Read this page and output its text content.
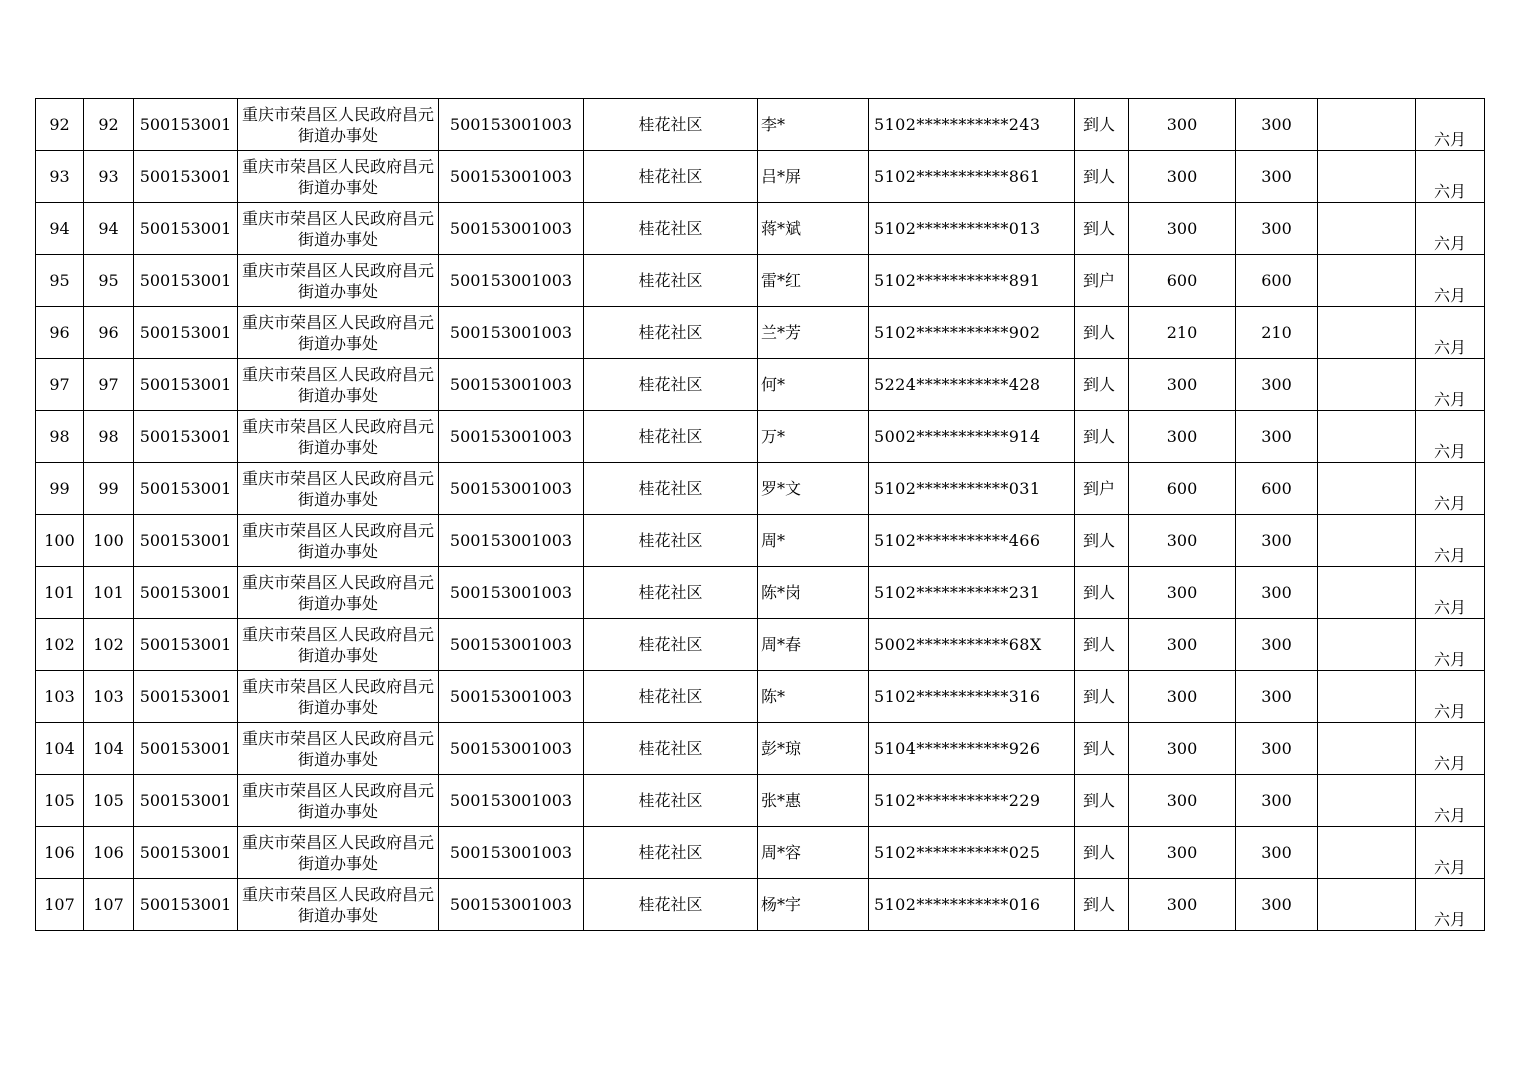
92	92	500153001	重庆市荣昌区人民政府昌元街道办事处	500153001003	桂花社区	李*	5102***********243	到人	300	300		六月
93	93	500153001	重庆市荣昌区人民政府昌元街道办事处	500153001003	桂花社区	吕*屏	5102***********861	到人	300	300		六月
94	94	500153001	重庆市荣昌区人民政府昌元街道办事处	500153001003	桂花社区	蒋*斌	5102***********013	到人	300	300		六月
95	95	500153001	重庆市荣昌区人民政府昌元街道办事处	500153001003	桂花社区	雷*红	5102***********891	到户	600	600		六月
96	96	500153001	重庆市荣昌区人民政府昌元街道办事处	500153001003	桂花社区	兰*芳	5102***********902	到人	210	210		六月
97	97	500153001	重庆市荣昌区人民政府昌元街道办事处	500153001003	桂花社区	何*	5224***********428	到人	300	300		六月
98	98	500153001	重庆市荣昌区人民政府昌元街道办事处	500153001003	桂花社区	万*	5002***********914	到人	300	300		六月
99	99	500153001	重庆市荣昌区人民政府昌元街道办事处	500153001003	桂花社区	罗*文	5102***********031	到户	600	600		六月
100	100	500153001	重庆市荣昌区人民政府昌元街道办事处	500153001003	桂花社区	周*	5102***********466	到人	300	300		六月
101	101	500153001	重庆市荣昌区人民政府昌元街道办事处	500153001003	桂花社区	陈*岗	5102***********231	到人	300	300		六月
102	102	500153001	重庆市荣昌区人民政府昌元街道办事处	500153001003	桂花社区	周*春	5002***********68X	到人	300	300		六月
103	103	500153001	重庆市荣昌区人民政府昌元街道办事处	500153001003	桂花社区	陈*	5102***********316	到人	300	300		六月
104	104	500153001	重庆市荣昌区人民政府昌元街道办事处	500153001003	桂花社区	彭*琼	5104***********926	到人	300	300		六月
105	105	500153001	重庆市荣昌区人民政府昌元街道办事处	500153001003	桂花社区	张*惠	5102***********229	到人	300	300		六月
106	106	500153001	重庆市荣昌区人民政府昌元街道办事处	500153001003	桂花社区	周*容	5102***********025	到人	300	300		六月
107	107	500153001	重庆市荣昌区人民政府昌元街道办事处	500153001003	桂花社区	杨*宇	5102***********016	到人	300	300		六月
